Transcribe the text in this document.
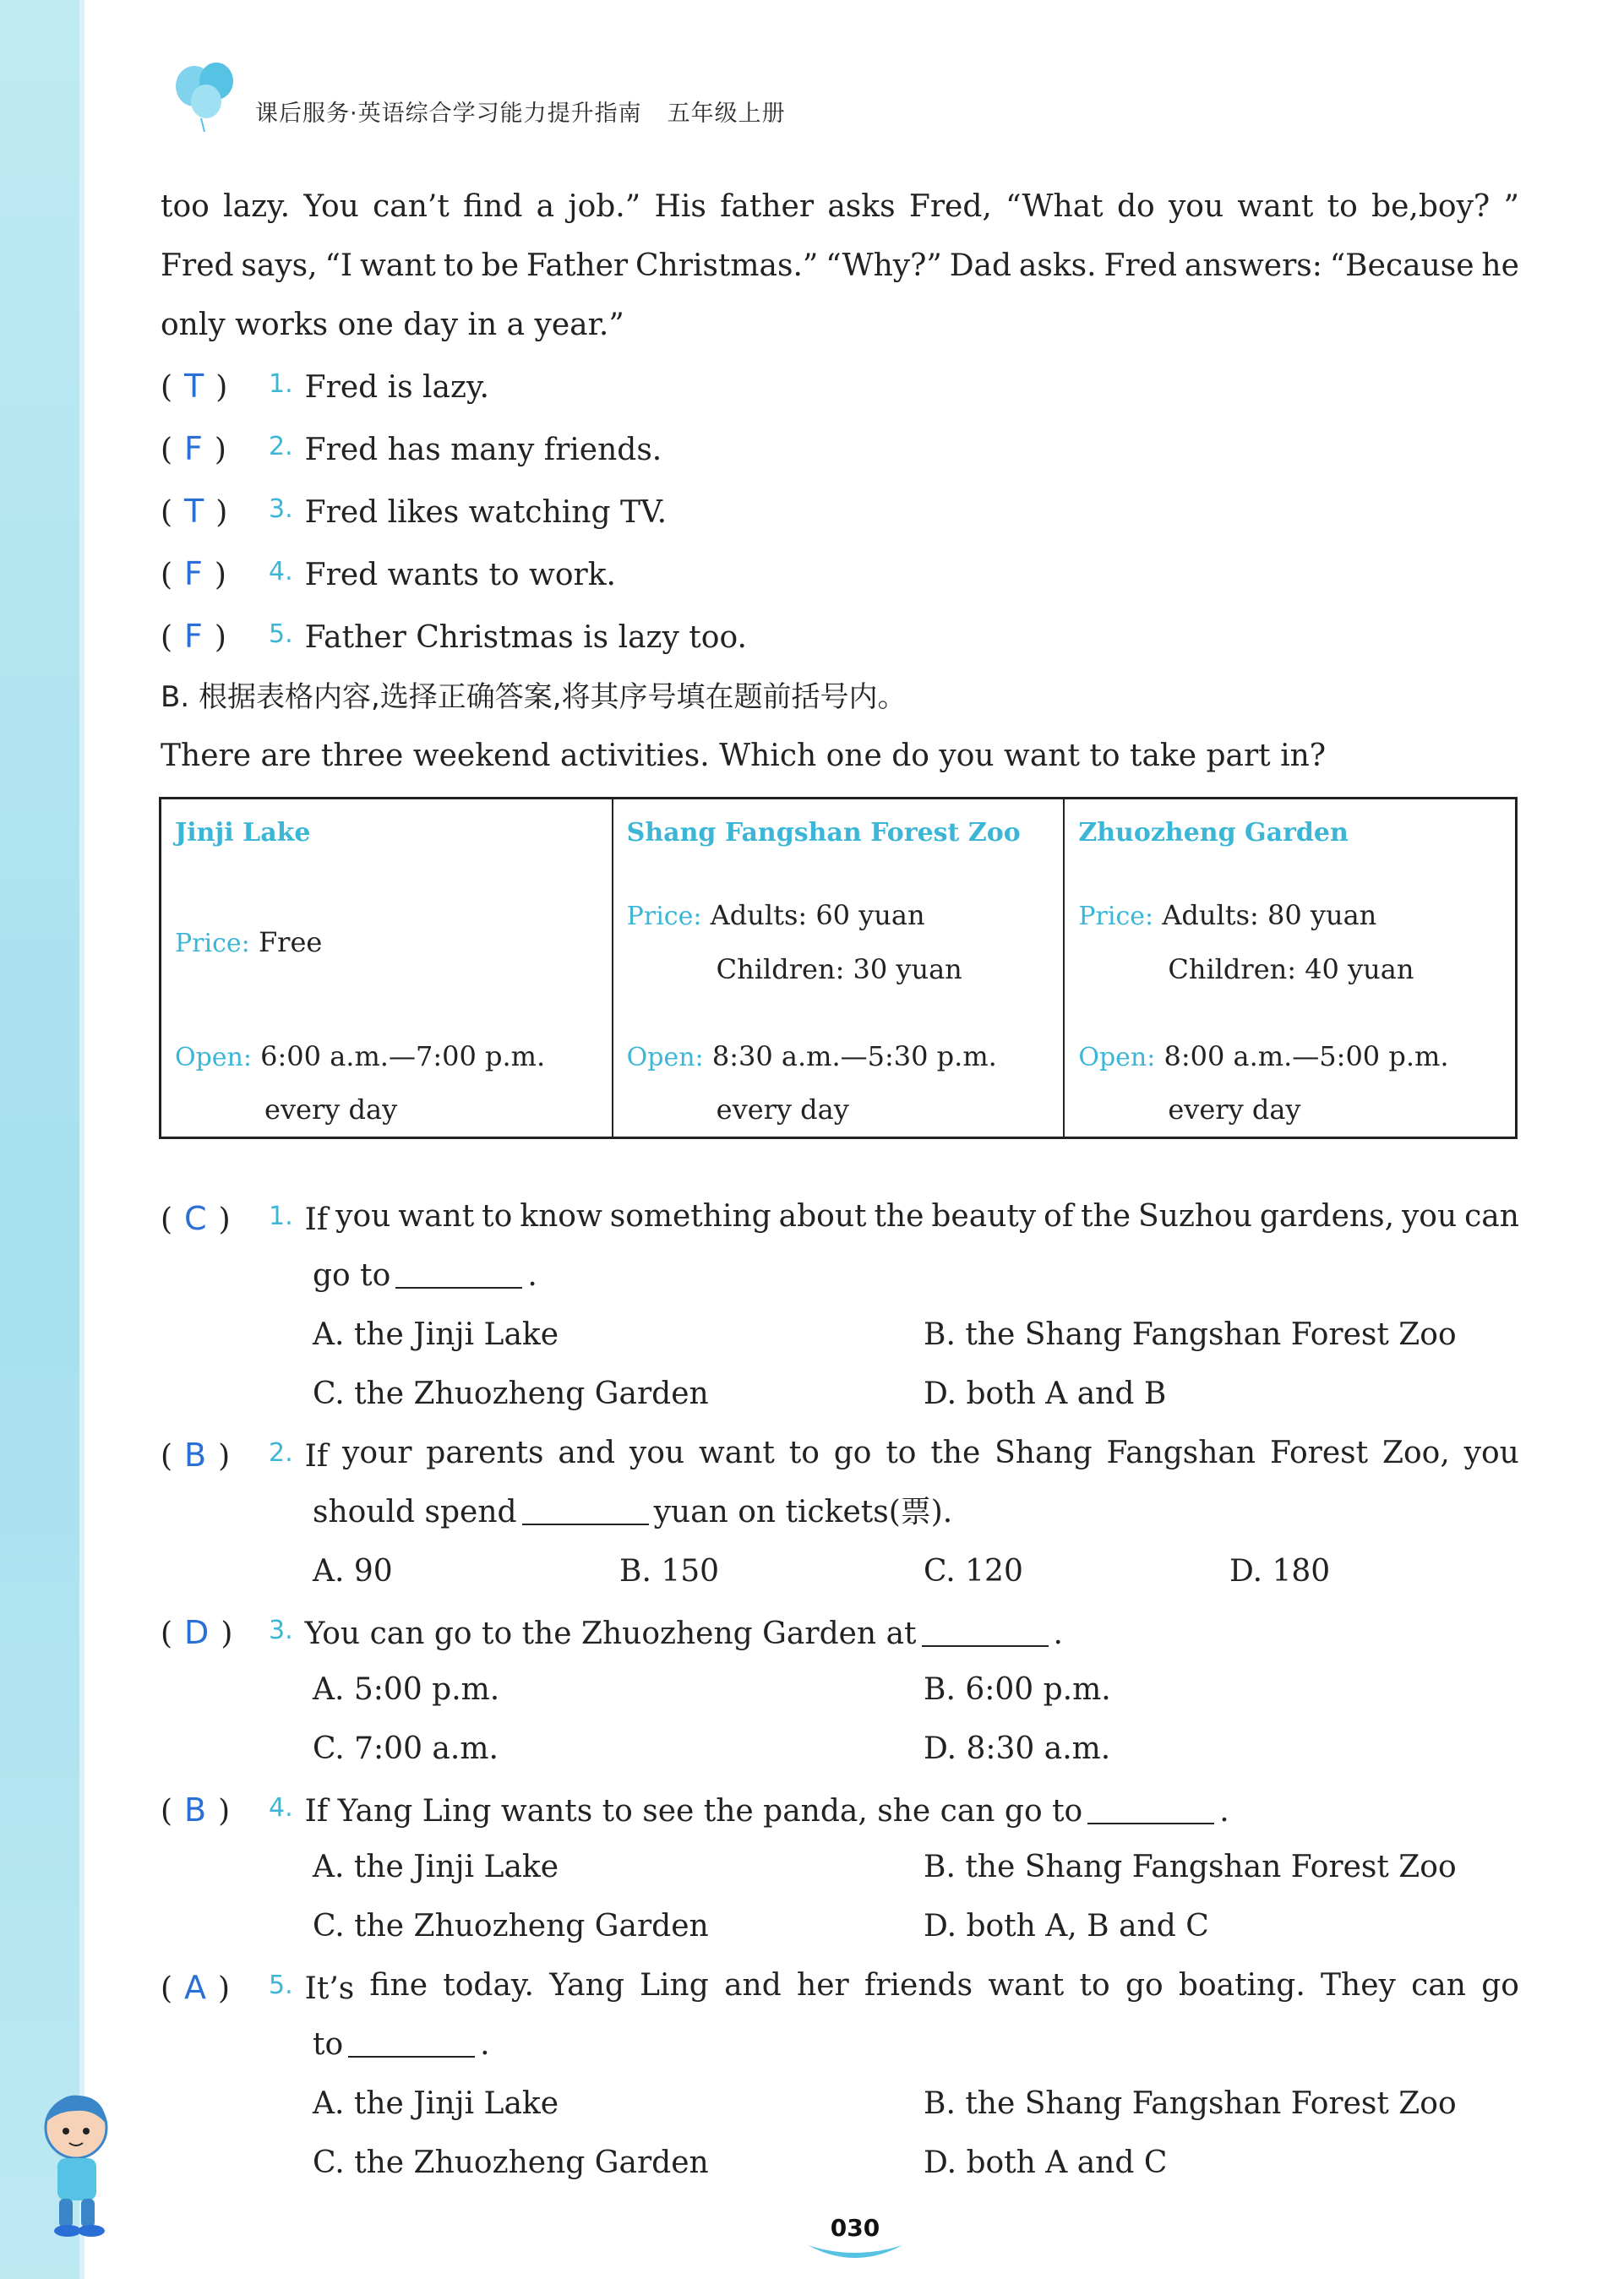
课后服务·英语综合学习能力提升指南 五年级上册
too lazy. You can’t find a job.” His father asks Fred, “What do you want to be,boy? ”
Fred says, “I want to be Father Christmas.” “Why?” Dad asks. Fred answers: “Because he
only works one day in a year.”
( T ) 1. Fred is lazy.
( F ) 2. Fred has many friends.
( T ) 3. Fred likes watching TV.
( F ) 4. Fred wants to work.
( F ) 5. Father Christmas is lazy too.
B. 根据表格内容,选择正确答案,将其序号填在题前括号内。
There are three weekend activities. Which one do you want to take part in?
Jinji Lake
Price: Free
Open: 6:00 a.m.—7:00 p.m.
every day
Shang Fangshan Forest Zoo
Price: Adults: 60 yuan
Children: 30 yuan
Open: 8:30 a.m.—5:30 p.m.
every day
Zhuozheng Garden
Price: Adults: 80 yuan
Children: 40 yuan
Open: 8:00 a.m.—5:00 p.m.
every day
( C ) 1. If you want to know something about the beauty of the Suzhou gardens, you can
go to	.
A. the Jinji Lake	B. the Shang Fangshan Forest Zoo
C. the Zhuozheng Garden	D. both A and B
( B ) 2. If your parents and you want to go to the Shang Fangshan Forest Zoo, you
should spend	yuan on tickets(票).
A. 90	B. 150	C. 120	D. 180
( D ) 3. You can go to the Zhuozheng Garden at	.
A. 5:00 p.m.	B. 6:00 p.m.
C. 7:00 a.m.	D. 8:30 a.m.
( B ) 4. If Yang Ling wants to see the panda, she can go to	.
A. the Jinji Lake	B. the Shang Fangshan Forest Zoo
C. the Zhuozheng Garden	D. both A, B and C
( A ) 5. It’s fine today. Yang Ling and her friends want to go boating. They can go
to	.
A. the Jinji Lake	B. the Shang Fangshan Forest Zoo
C. the Zhuozheng Garden	D. both A and C
030
